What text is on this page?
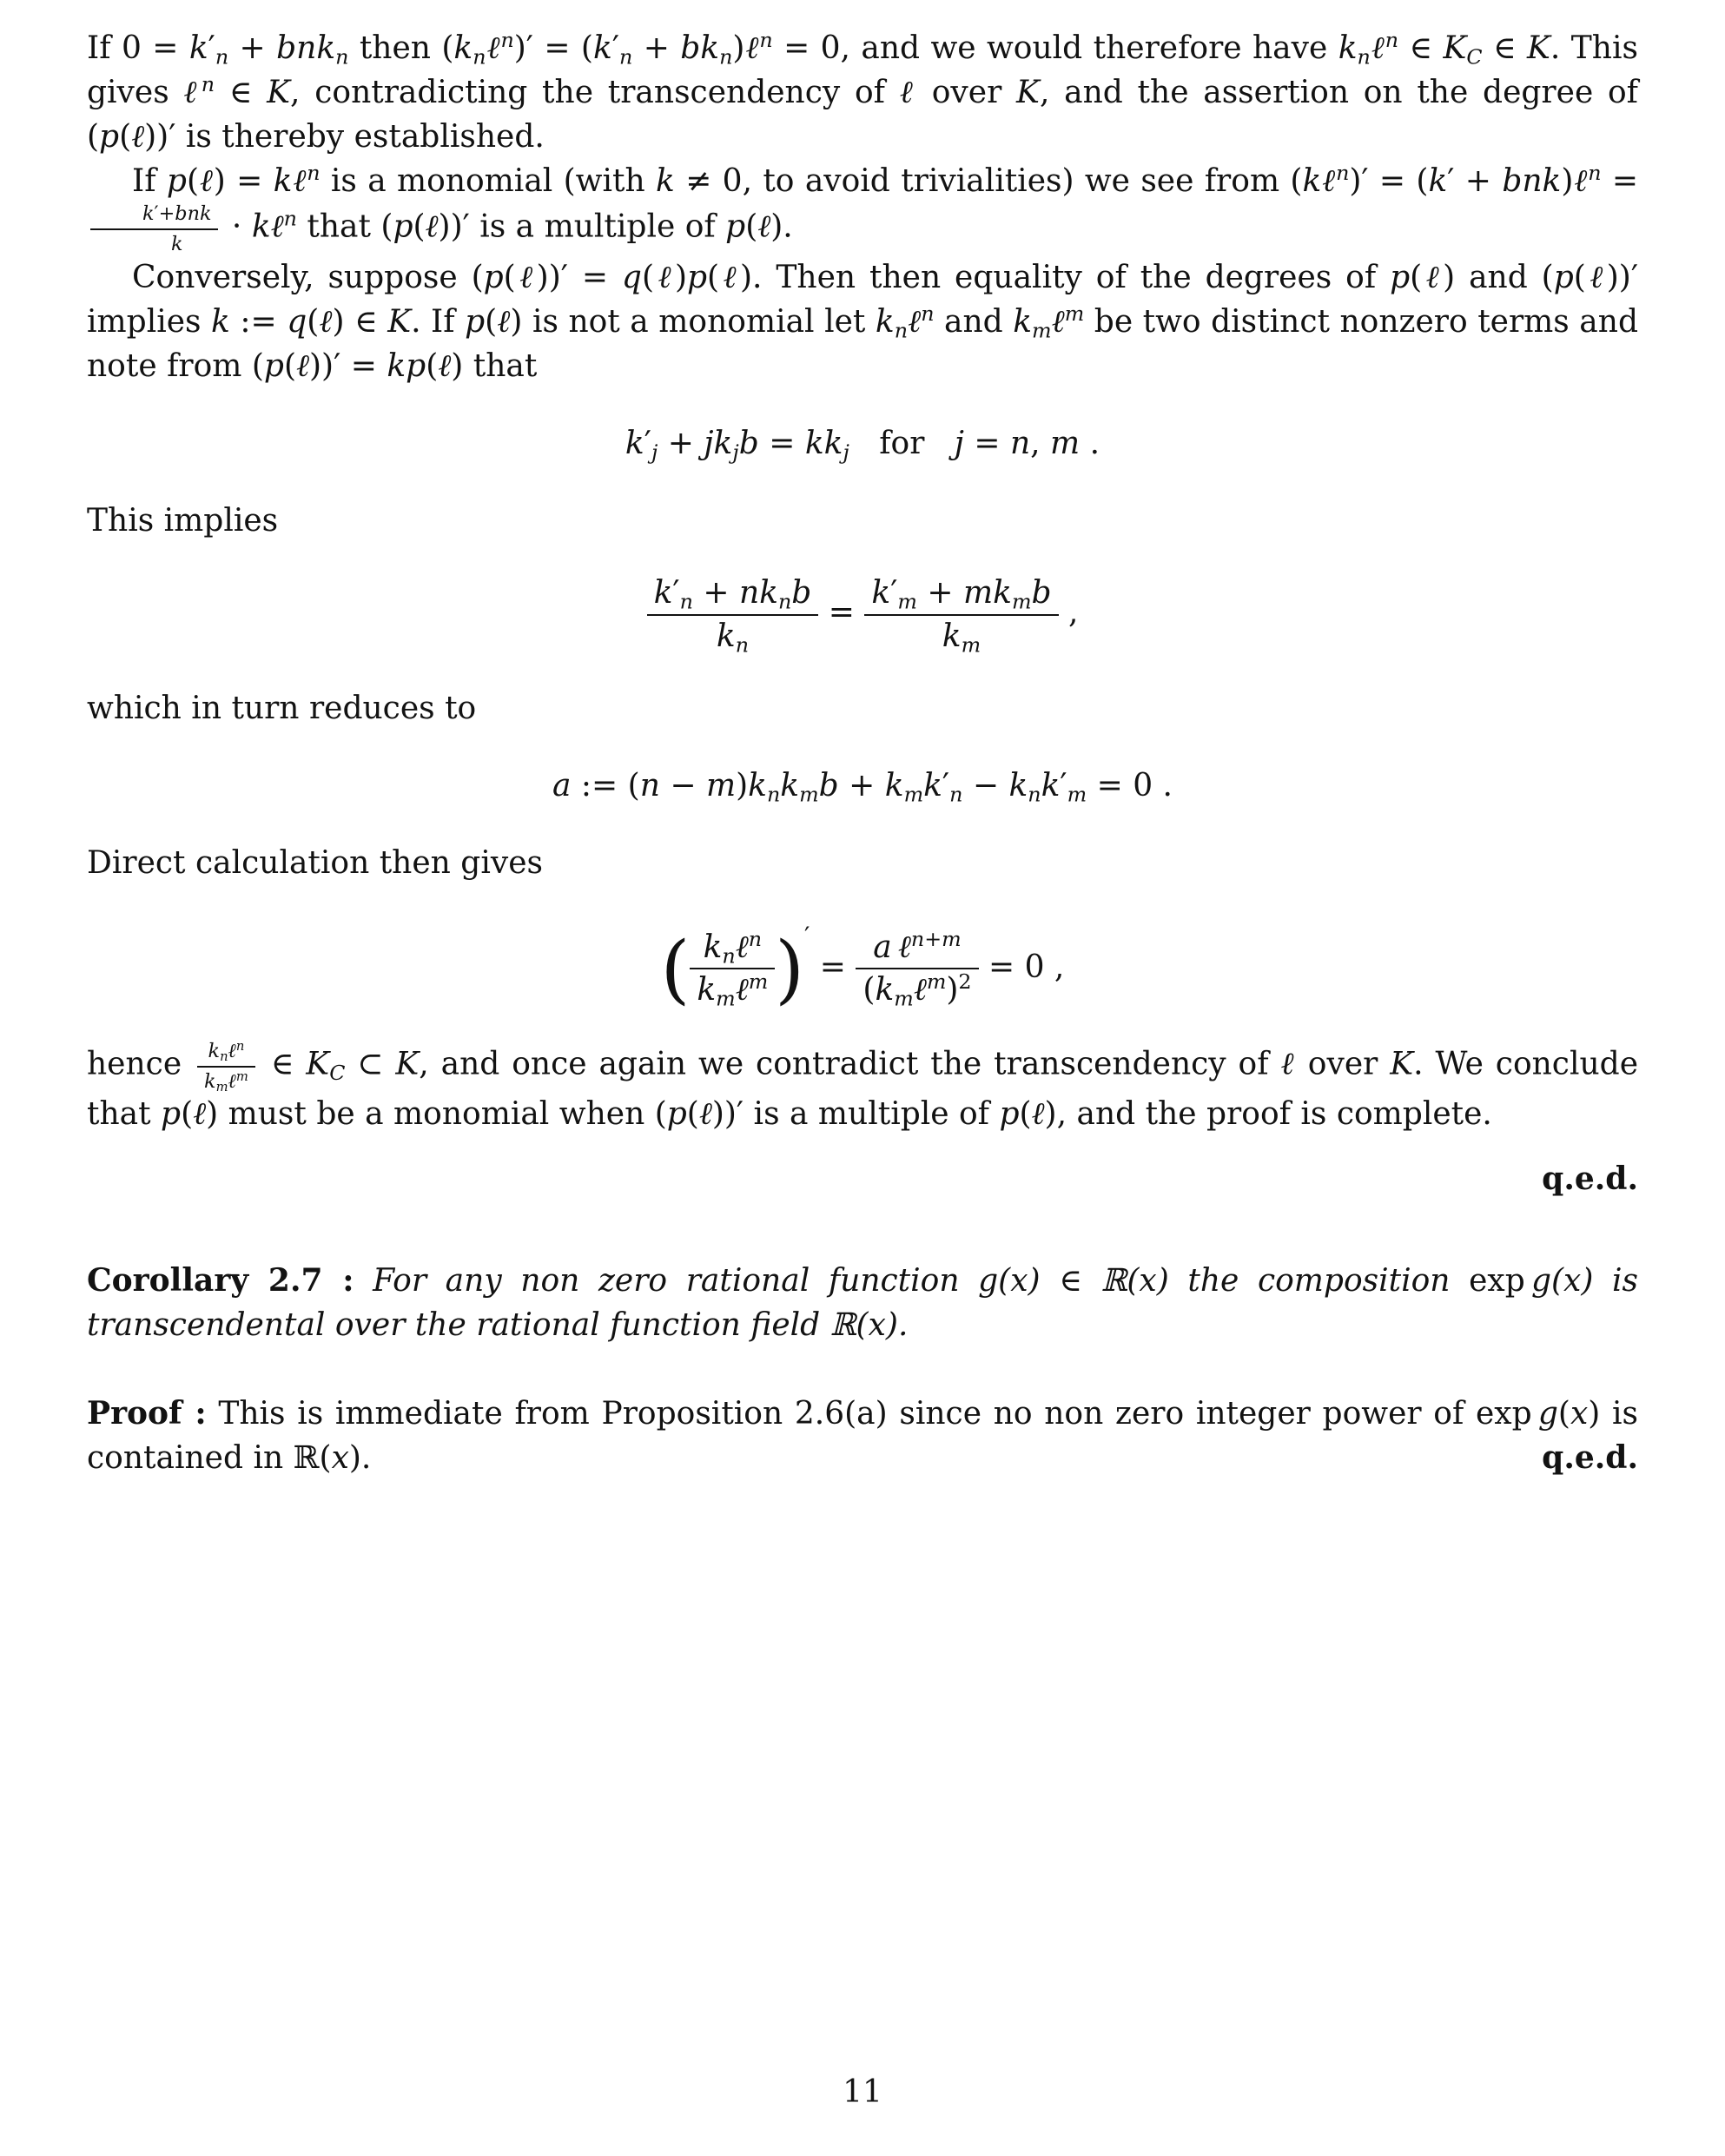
If $0 = k'_n + bnk_n$ then $(k_n\ell^n)' = (k'_n$ + $bk_n)\ell^n = 0$, and we would therefore have $k_n\ell^n$ ∈ $K_C$ ∈ K. This gives ℓ$^n$ ∈ K, contradicting the transcendency of ℓ over K, and the assertion on the degree of (p(ℓ))′ is thereby established.

If p(ℓ) = kℓ$^n$ is a monomial (with k ≠ 0, to avoid trivialities) we see from (kℓ$^n$)′ = (k′ + bnk)ℓ$^n$ =
$\frac{\text{k′+bnk}}{k}$ · kℓ$^n$ that (p(ℓ))′ is a multiple of p(ℓ).

Conversely, suppose (p(ℓ))′ = q(ℓ)p(ℓ). Then then equality of the degrees of p(ℓ) and (p(ℓ))′ implies k := q(ℓ) ∈ K. If p(ℓ) is not a monomial let $k_n\ell^n$ and $k_m\ell^m$ be two distinct nonzero terms and note from (p(ℓ))′ = kp(ℓ) that

$k'_j + jk_jb = kk_j$   for   j = n, m .

This implies

$\frac{k'_n + nk_nb}{k_n} = \frac{k'_m + mk_mb}{k_m}$ ,

which in turn reduces to

a := $(n - m)k_nk_mb + k_mk'_n - k_nk'_m = 0$ .

Direct calculation then gives

( $\frac{k_n\ell^n}{k_m\ell^m} )' = \frac{a \ell^{n+m}}{(k_m\ell^m)^2} = 0$ ,

hence $\frac{k_n\ell^n}{k_m\ell^m}$ ∈ $K_C$ ⊂ K, and once again we contradict the transcendency of ℓ over K. We conclude that p(ℓ) must be a monomial when (p(ℓ))′ is a multiple of p(ℓ), and the proof is complete.

q.e.d.

Corollary 2.7 : For any non zero rational function g(x) ∈ ℝ(x) the composition exp g(x) is transcendental over the rational function field ℝ(x).

Proof : This is immediate from Proposition 2.6(a) since no non zero integer power of exp  g(x) is contained in ℝ(x).	q.e.d.

11
